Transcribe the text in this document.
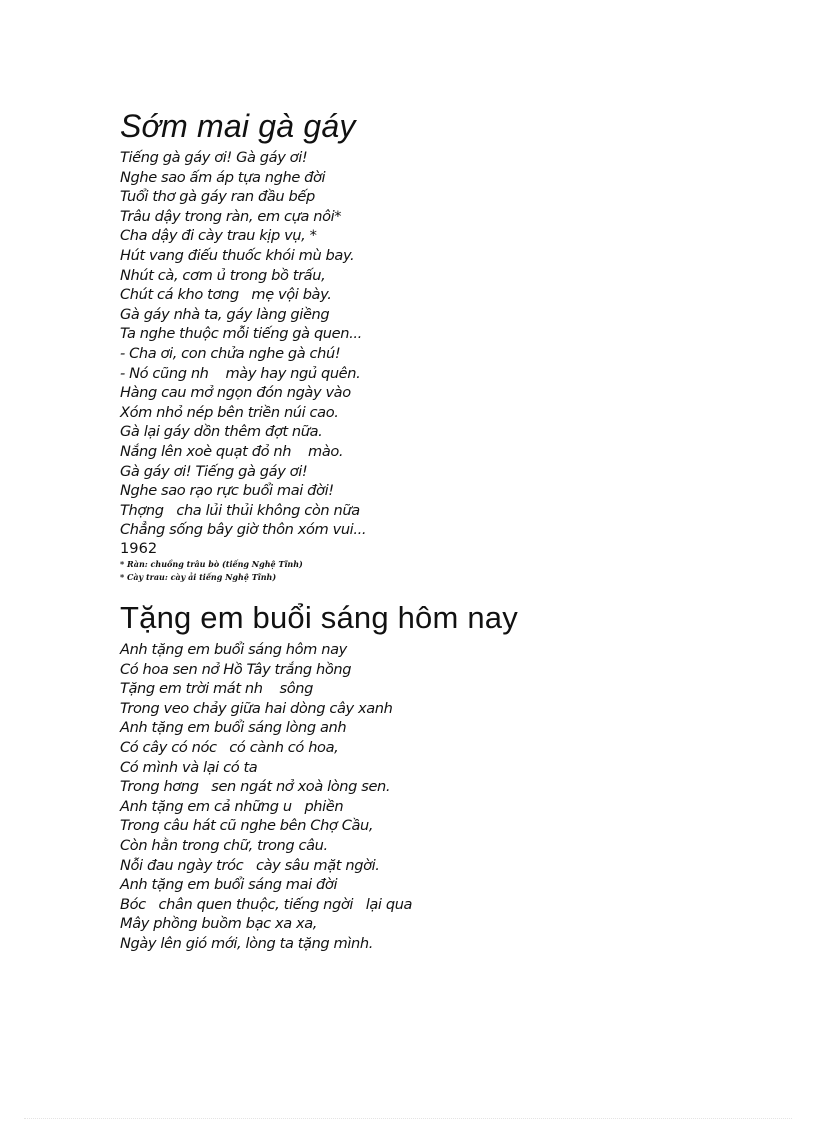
Sớm mai gà gáy
Tiếng gà gáy ơi! Gà gáy ơi!
Nghe sao ấm áp tựa nghe đời
Tuổi thơ gà gáy ran đầu bếp
Trâu dậy trong ràn, em cựa nôi*
Cha dậy đi cày trau kịp vụ, *
Hút vang điếu thuốc khói mù bay.
Nhút cà, cơm ủ trong bồ trấu,
Chút cá kho tơng   mẹ vội bày.
Gà gáy nhà ta, gáy làng giềng
Ta nghe thuộc mỗi tiếng gà quen...
- Cha ơi, con chửa nghe gà chú!
- Nó cũng nh    mày hay ngủ quên.
Hàng cau mở ngọn đón ngày vào
Xóm nhỏ nép bên triền núi cao.
Gà lại gáy dồn thêm đợt nữa.
Nắng lên xoè quạt đỏ nh    mào.
Gà gáy ơi! Tiếng gà gáy ơi!
Nghe sao rạo rực buổi mai đời!
Thợng   cha lủi thủi không còn nữa
Chẳng sống bây giờ thôn xóm vui...
1962
* Ràn: chuồng trâu bò (tiếng Nghệ Tĩnh)
* Cày trau: cày ải tiếng Nghệ Tĩnh)
Tặng em buổi sáng hôm nay
Anh tặng em buổi sáng hôm nay
Có hoa sen nở Hồ Tây trắng hồng
Tặng em trời mát nh    sông
Trong veo chảy giữa hai dòng cây xanh
Anh tặng em buổi sáng lòng anh
Có cây có nóc   có cành có hoa,
Có mình và lại có ta
Trong hơng   sen ngát nở xoà lòng sen.
Anh tặng em cả những u   phiền
Trong câu hát cũ nghe bên Chợ Cầu,
Còn hằn trong chữ, trong câu.
Nỗi đau ngày tróc   cày sâu mặt ngời.
Anh tặng em buổi sáng mai đời
Bóc   chân quen thuộc, tiếng ngời   lại qua
Mây phồng buồm bạc xa xa,
Ngày lên gió mới, lòng ta tặng mình.
